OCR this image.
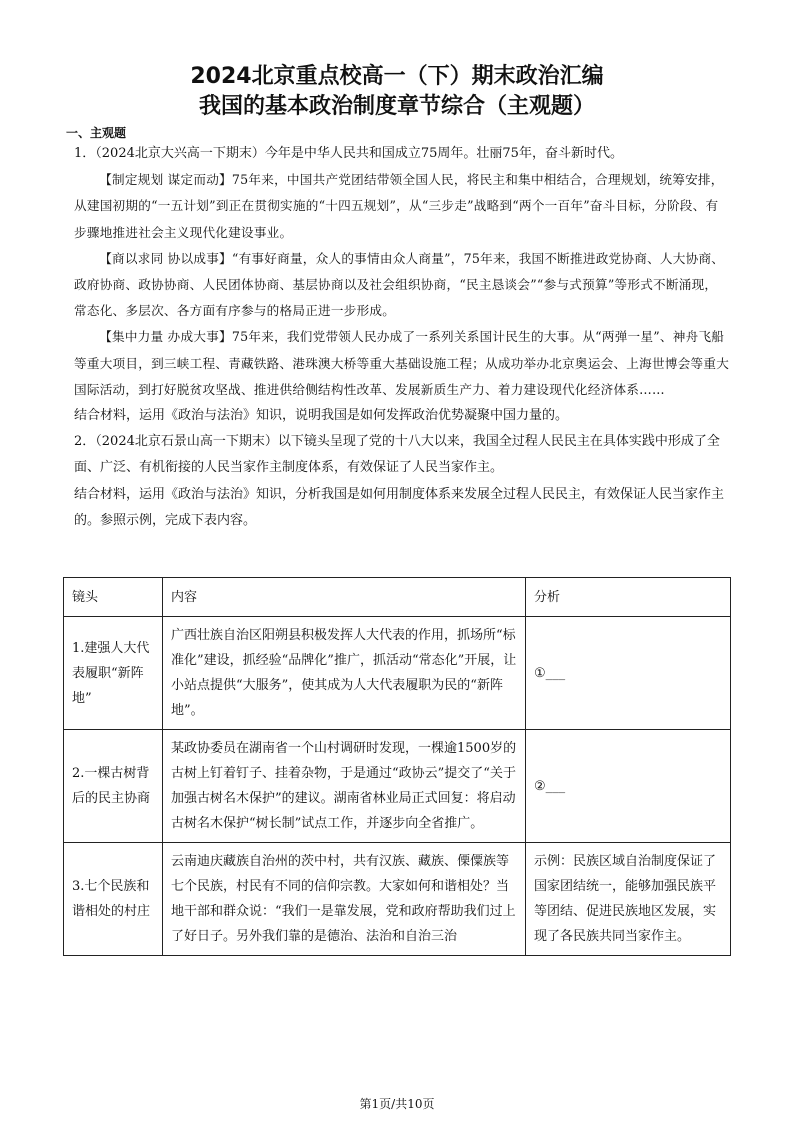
2024北京重点校高一（下）期末政治汇编
我国的基本政治制度章节综合（主观题）
一、主观题

1．（2024北京大兴高一下期末）今年是中华人民共和国成立75周年。壮丽75年，奋斗新时代。

【制定规划 谋定而动】75年来，中国共产党团结带领全国人民，将民主和集中相结合，合理规划，统筹安排，从建国初期的“一五计划”到正在贯彻实施的“十四五规划”，从“三步走”战略到“两个一百年”奋斗目标，分阶段、有步骤地推进社会主义现代化建设事业。

【商以求同 协以成事】“有事好商量，众人的事情由众人商量”，75年来，我国不断推进政党协商、人大协商、政府协商、政协协商、人民团体协商、基层协商以及社会组织协商，“民主恳谈会”“参与式预算”等形式不断涌现，常态化、多层次、各方面有序参与的格局正进一步形成。

【集中力量 办成大事】75年来，我们党带领人民办成了一系列关系国计民生的大事。从“两弹一星”、神舟飞船等重大项目，到三峡工程、青藏铁路、港珠澳大桥等重大基础设施工程；从成功举办北京奥运会、上海世博会等重大国际活动，到打好脱贫攻坚战、推进供给侧结构性改革、发展新质生产力、着力建设现代化经济体系……

结合材料，运用《政治与法治》知识，说明我国是如何发挥政治优势凝聚中国力量的。

2．（2024北京石景山高一下期末）以下镜头呈现了党的十八大以来，我国全过程人民民主在具体实践中形成了全面、广泛、有机衔接的人民当家作主制度体系，有效保证了人民当家作主。

结合材料，运用《政治与法治》知识，分析我国是如何用制度体系来发展全过程人民民主，有效保证人民当家作主的。参照示例，完成下表内容。

镜头	内容	分析
1.建强人大代表履职“新阵地”	广西壮族自治区阳朔县积极发挥人大代表的作用，抓场所“标准化”建设，抓经验“品牌化”推广，抓活动“常态化”开展，让小站点提供“大服务”，使其成为人大代表履职为民的“新阵地”。	①___
2.一棵古树背后的民主协商	某政协委员在湖南省一个山村调研时发现，一棵逾1500岁的古树上钉着钉子、挂着杂物，于是通过“政协云”提交了“关于加强古树名木保护”的建议。湖南省林业局正式回复：将启动古树名木保护“树长制”试点工作，并逐步向全省推广。	②___
3.七个民族和谐相处的村庄	云南迪庆藏族自治州的茨中村，共有汉族、藏族、傈僳族等七个民族，村民有不同的信仰宗教。大家如何和谐相处？当地干部和群众说：“我们一是靠发展，党和政府帮助我们过上了好日子。另外我们靠的是德治、法治和自治三治	示例：民族区域自治制度保证了国家团结统一，能够加强民族平等团结、促进民族地区发展，实现了各民族共同当家作主。
第1页/共10页
